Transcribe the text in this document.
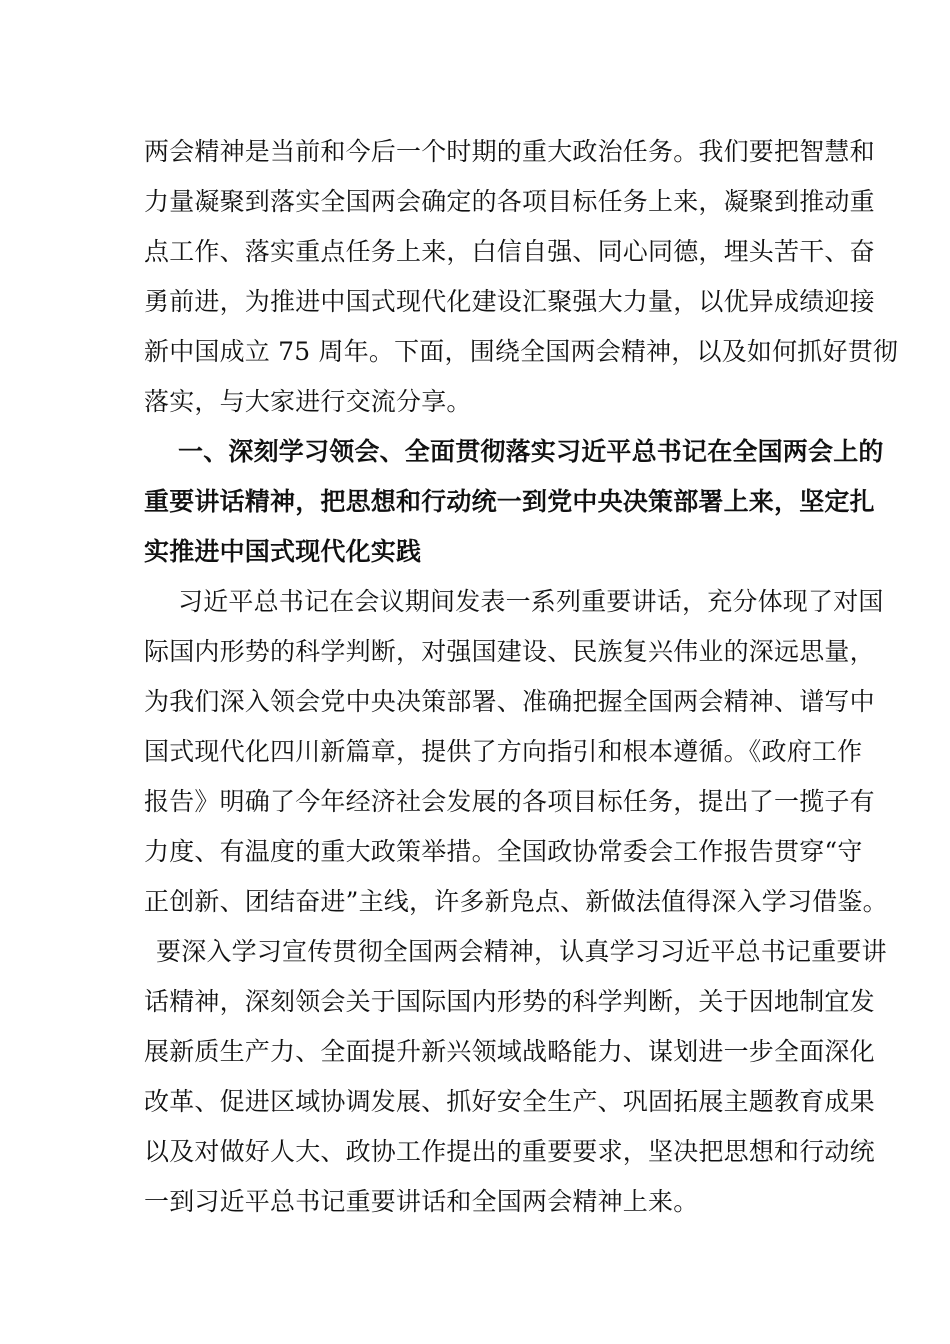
两会精神是当前和今后一个时期的重大政治任务。我们要把智慧和
力量凝聚到落实全国两会确定的各项目标任务上来，凝聚到推动重
点工作、落实重点任务上来，白信自强、同心同德，埋头苦干、奋
勇前进，为推进中国式现代化建设汇聚强大力量，以优异成绩迎接
新中国成立 75 周年。下面，围绕全国两会精神，以及如何抓好贯彻
落实，与大家进行交流分享。
一、深刻学习领会、全面贯彻落实习近平总书记在全国两会上的
重要讲话精神，把思想和行动统一到党中央决策部署上来，坚定扎
实推进中国式现代化实践
习近平总书记在会议期间发表一系列重要讲话，充分体现了对国
际国内形势的科学判断，对强国建设、民族复兴伟业的深远思量，
为我们深入领会党中央决策部署、准确把握全国两会精神、谱写中
国式现代化四川新篇章，提供了方向指引和根本遵循。《政府工作
报告》明确了今年经济社会发展的各项目标任务，提出了一揽子有
力度、有温度的重大政策举措。全国政协常委会工作报告贯穿“守
正创新、团结奋进”主线，许多新凫点、新做法值得深入学习借鉴。
要深入学习宣传贯彻全国两会精神，认真学习习近平总书记重要讲
话精神，深刻领会关于国际国内形势的科学判断，关于因地制宜发
展新质生产力、全面提升新兴领域战略能力、谋划进一步全面深化
改革、促进区域协调发展、抓好安全生产、巩固拓展主题教育成果
以及对做好人大、政协工作提出的重要要求，坚决把思想和行动统
一到习近平总书记重要讲话和全国两会精神上来。
